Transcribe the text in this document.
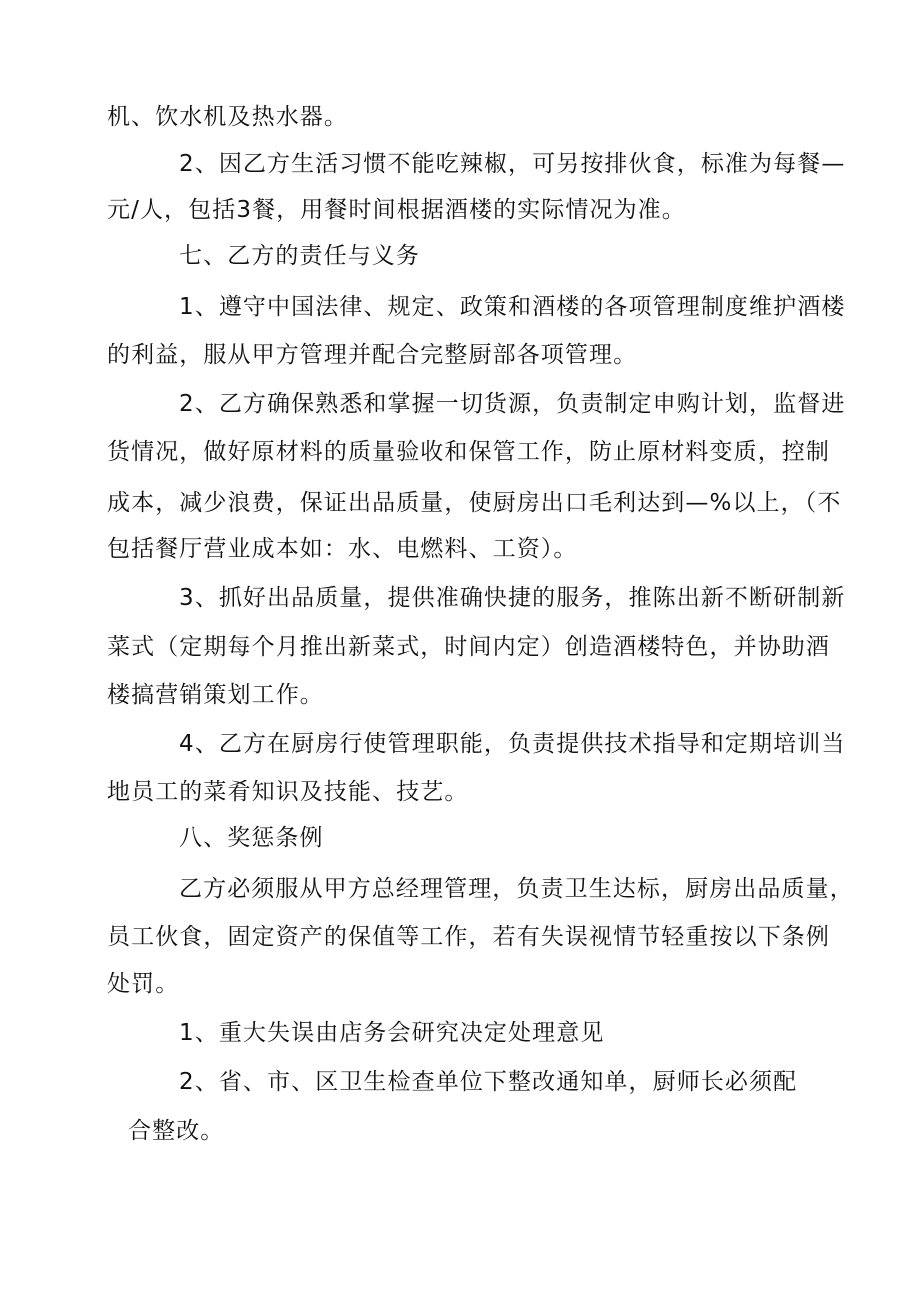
机、饮水机及热水器。
2、因乙方生活习惯不能吃辣椒，可另按排伙食，标准为每餐—
元/人，包括3餐，用餐时间根据酒楼的实际情况为准。
七、乙方的责任与义务
1、遵守中国法律、规定、政策和酒楼的各项管理制度维护酒楼
的利益，服从甲方管理并配合完整厨部各项管理。
2、乙方确保熟悉和掌握一切货源，负责制定申购计划，监督进
货情况，做好原材料的质量验收和保管工作，防止原材料变质，控制
成本，减少浪费，保证出品质量，使厨房出口毛利达到—%以上，（不
包括餐厅营业成本如：水、电燃料、工资）。
3、抓好出品质量，提供准确快捷的服务，推陈出新不断研制新
菜式（定期每个月推出新菜式，时间内定）创造酒楼特色，并协助酒
楼搞营销策划工作。
4、乙方在厨房行使管理职能，负责提供技术指导和定期培训当
地员工的菜肴知识及技能、技艺。
八、奖惩条例
乙方必须服从甲方总经理管理，负责卫生达标，厨房出品质量，
员工伙食，固定资产的保值等工作，若有失误视情节轻重按以下条例
处罚。
1、重大失误由店务会研究决定处理意见
2、省、市、区卫生检查单位下整改通知单，厨师长必须配
合整改。
